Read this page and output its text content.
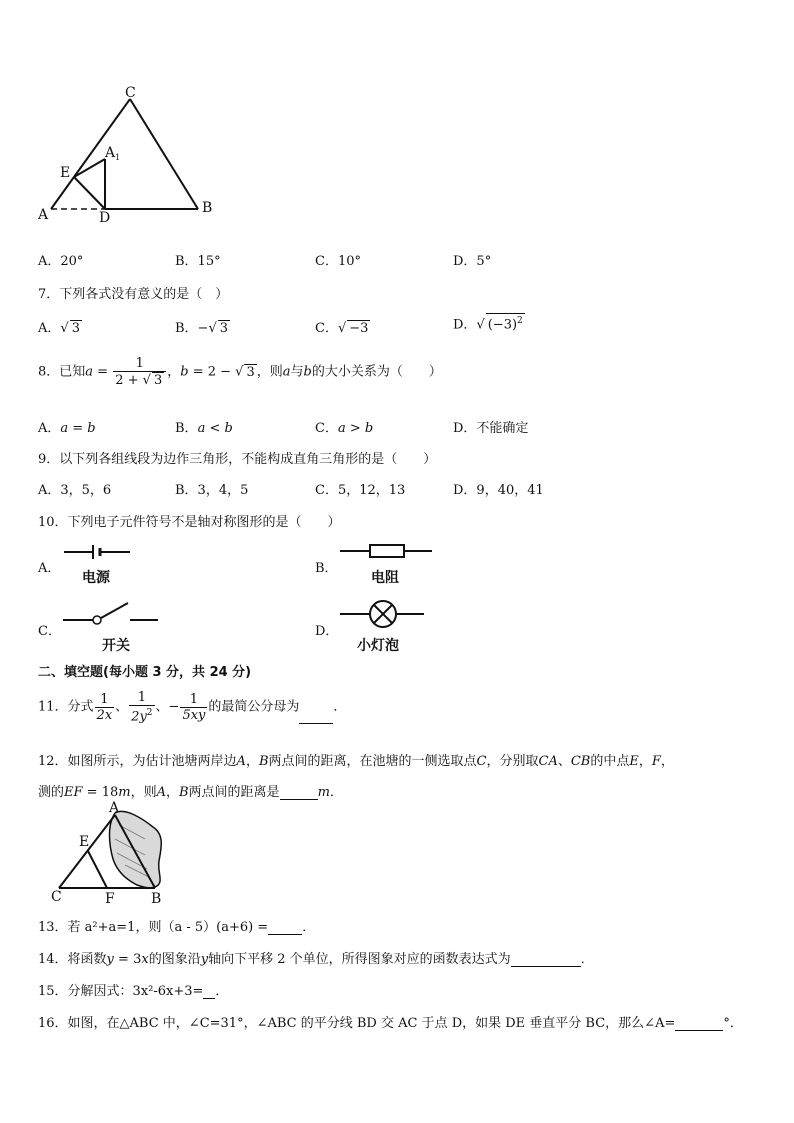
C
E
$A_1$
A	D
B
A．20°	B．15°	C．10°	D．5°
7．下列各式没有意义的是（　）
A．√ 3	B．−√ 3	C．√ −3	D．√ $(-3)^2$
8．已知$a = \frac{1}{2 + √ 3}$ ，b = 2 − √ 3 ，则a与b的大小关系为（　　）
A．a = b	B．a < b	C．a > b	D．不能确定
9．以下列各组线段为边作三角形，不能构成直角三角形的是（　　）
A．3，5，6	B．3，4，5	C．5，12，13	D．9，40，41
10．下列电子元件符号不是轴对称图形的是（　　）
A．	B．
C．	D．
电源	电阻
开关	小灯泡
二、填空题(每小题 3 分，共 24 分)
11．分式 $\frac{1}{2x}$ 、 $\frac{1}{2y^2}$ 、− $\frac{1}{5xy}$ 的最简公分母为	．
12．如图所示，为估计池塘两岸边A，B两点间的距离，在池塘的一侧选取点C，分别取CA、CB的中点E，F，
测的EF = 18m，则A，B两点间的距离是	m．
A
E
C	F	B
13．若 a²+a=1，则（a - 5）(a+6) =	．
14．将函数y = 3x的图象沿y轴向下平移 2 个单位，所得图象对应的函数表达式为	．
15．分解因式：3x²-6x+3= ．
16．如图，在△ABC 中，∠C=31°，∠ABC 的平分线 BD 交 AC 于点 D，如果 DE 垂直平分 BC，那么∠A=	°．
